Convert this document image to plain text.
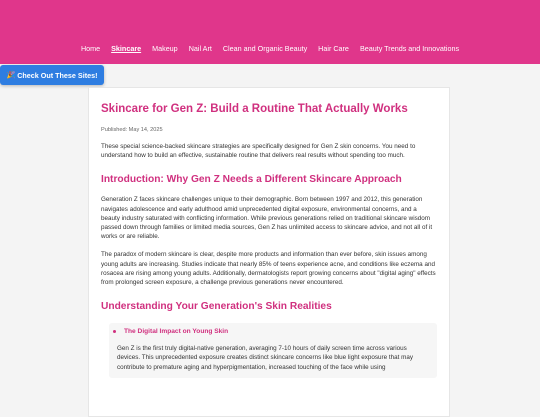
Home	Skincare	Makeup	Nail Art	Clean and Organic Beauty	Hair Care	Beauty Trends and Innovations
🎉 Check Out These Sites!
Skincare for Gen Z: Build a Routine That Actually Works

Published: May 14, 2025

These special science-backed skincare strategies are specifically designed for Gen Z skin concerns. You need to understand how to build an effective, sustainable routine that delivers real results without spending too much.

Introduction: Why Gen Z Needs a Different Skincare Approach

Generation Z faces skincare challenges unique to their demographic. Born between 1997 and 2012, this generation navigates adolescence and early adulthood amid unprecedented digital exposure, environmental concerns, and a beauty industry saturated with conflicting information. While previous generations relied on traditional skincare wisdom passed down through families or limited media sources, Gen Z has unlimited access to skincare advice, and not all of it works or are reliable.

The paradox of modern skincare is clear, despite more products and information than ever before, skin issues among young adults are increasing. Studies indicate that nearly 85% of teens experience acne, and conditions like eczema and rosacea are rising among young adults. Additionally, dermatologists report growing concerns about "digital aging" effects from prolonged screen exposure, a challenge previous generations never encountered.

Understanding Your Generation's Skin Realities
The Digital Impact on Young Skin

Gen Z is the first truly digital-native generation, averaging 7-10 hours of daily screen time across various devices. This unprecedented exposure creates distinct skincare concerns like blue light exposure that may contribute to premature aging and hyperpigmentation, increased touching of the face while using
